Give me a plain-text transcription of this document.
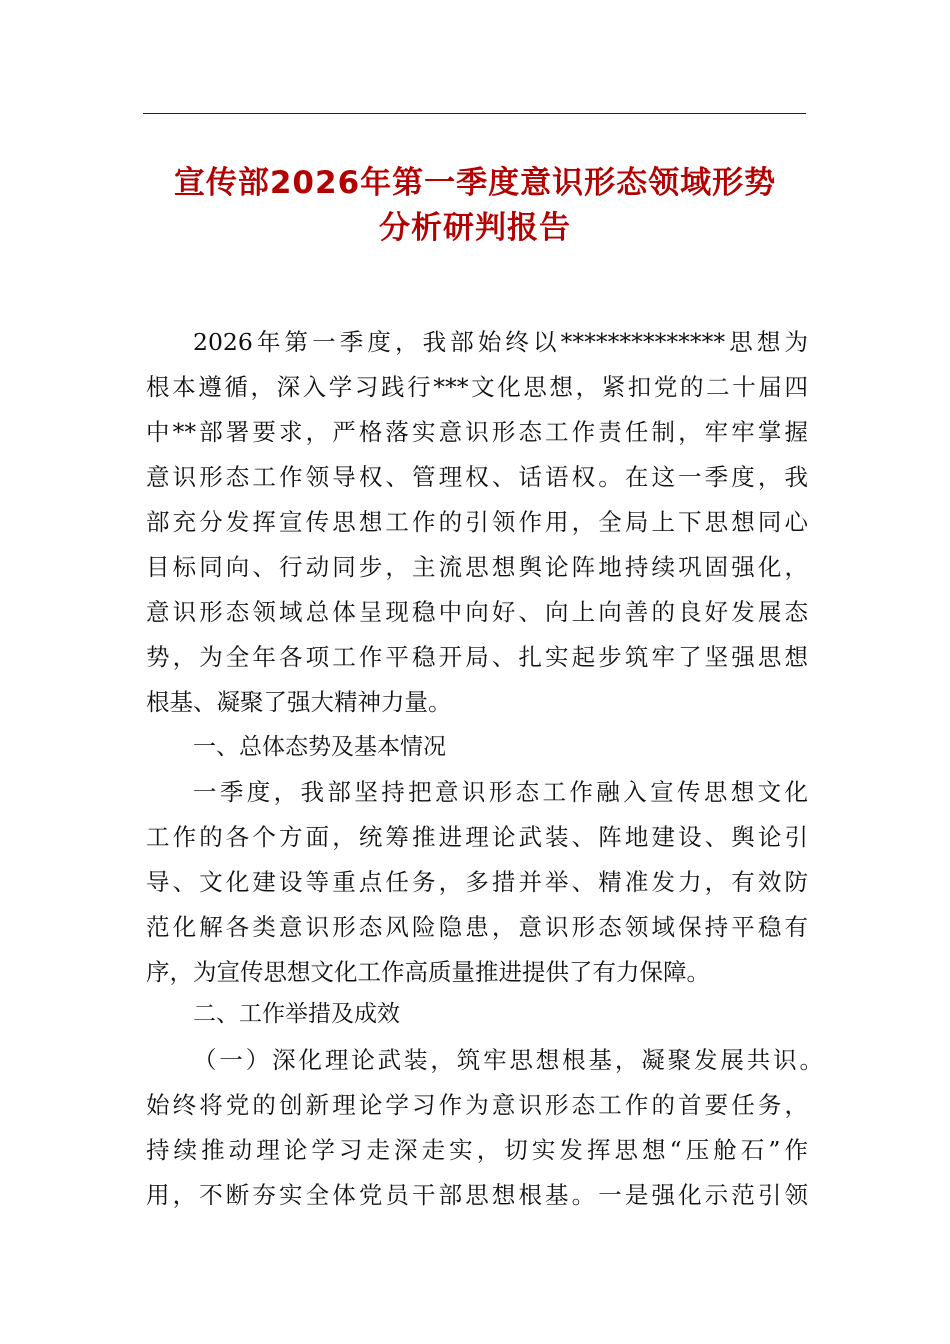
宣传部2026年第一季度意识形态领域形势
分析研判报告
2026年第一季度，我部始终以**************思想为
根本遵循，深入学习践行***文化思想，紧扣党的二十届四
中**部署要求，严格落实意识形态工作责任制，牢牢掌握
意识形态工作领导权、管理权、话语权。在这一季度，我
部充分发挥宣传思想工作的引领作用，全局上下思想同心
目标同向、行动同步，主流思想舆论阵地持续巩固强化，
意识形态领域总体呈现稳中向好、向上向善的良好发展态
势，为全年各项工作平稳开局、扎实起步筑牢了坚强思想
根基、凝聚了强大精神力量。
一、总体态势及基本情况
一季度，我部坚持把意识形态工作融入宣传思想文化
工作的各个方面，统筹推进理论武装、阵地建设、舆论引
导、文化建设等重点任务，多措并举、精准发力，有效防
范化解各类意识形态风险隐患，意识形态领域保持平稳有
序，为宣传思想文化工作高质量推进提供了有力保障。
二、工作举措及成效
（一）深化理论武装，筑牢思想根基，凝聚发展共识。
始终将党的创新理论学习作为意识形态工作的首要任务，
持续推动理论学习走深走实，切实发挥思想“压舱石”作
用，不断夯实全体党员干部思想根基。一是强化示范引领
